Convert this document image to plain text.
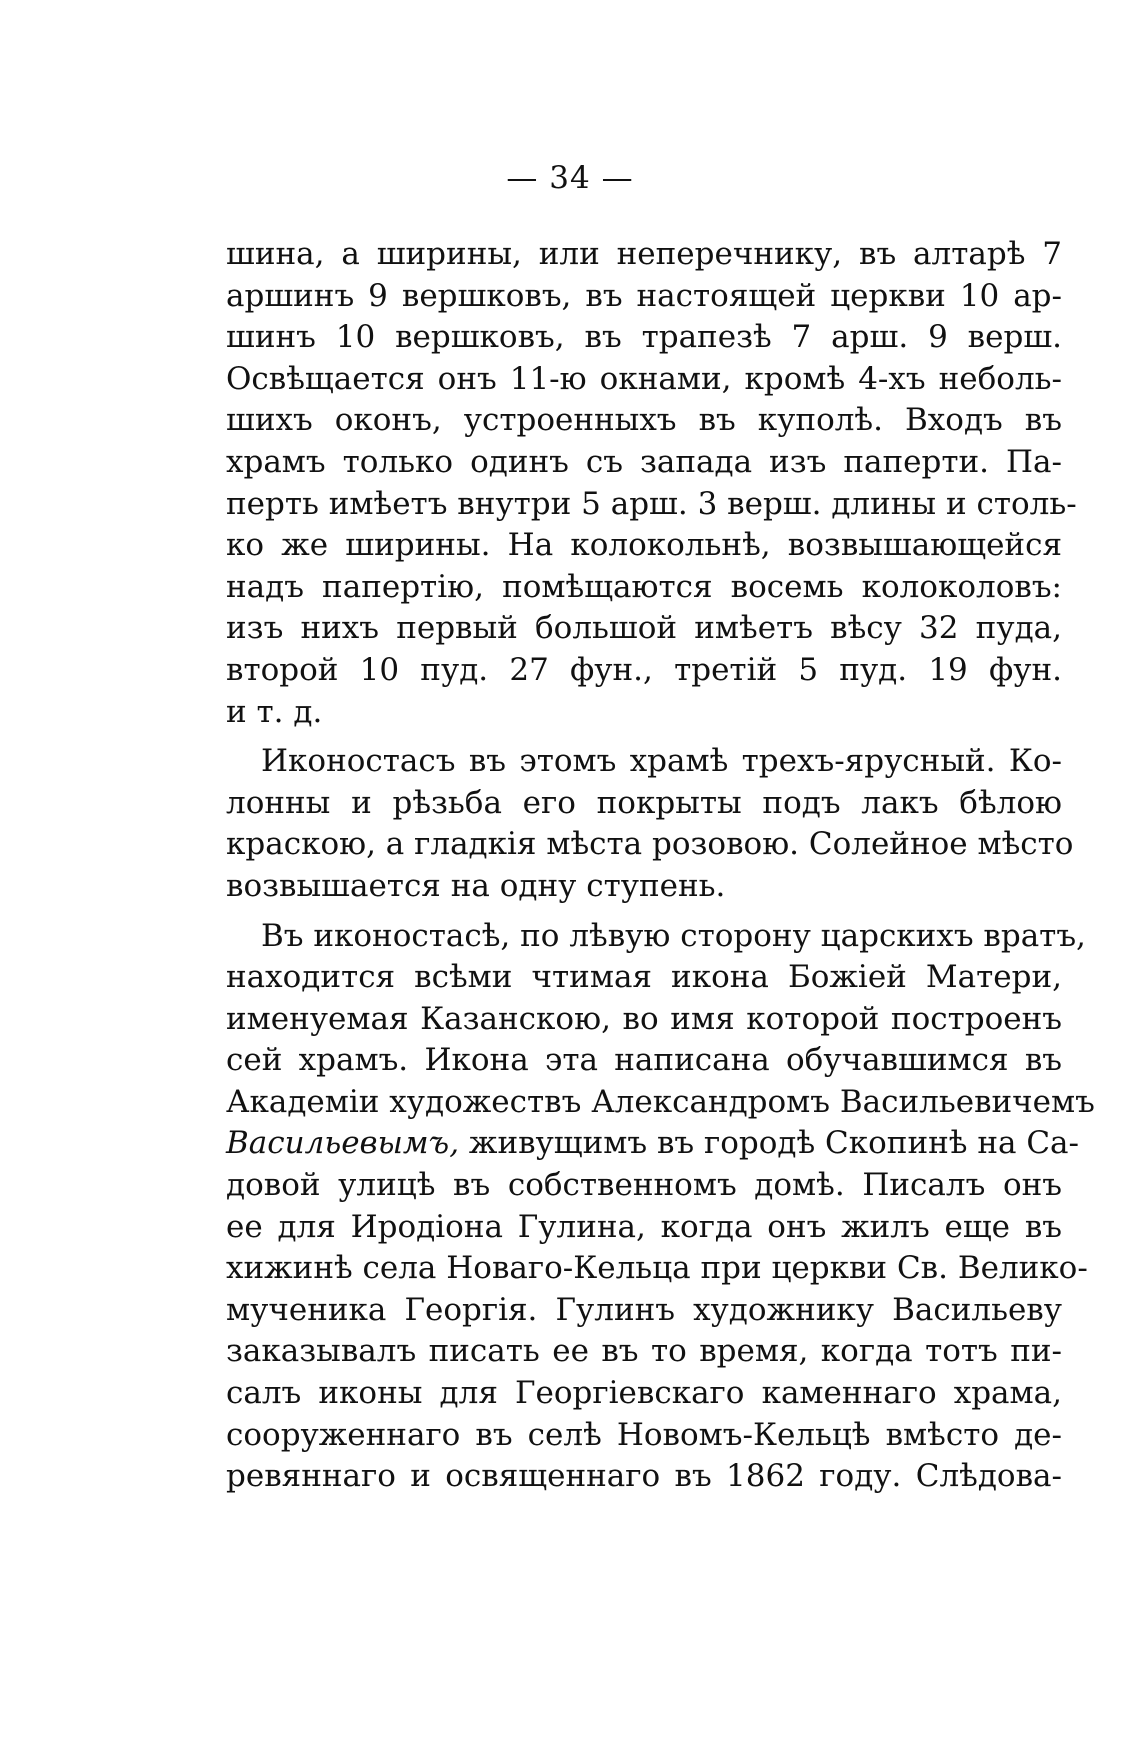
— 34 —
шина, а ширины, или неперечнику, въ алтарѣ 7
аршинъ 9 вершковъ, въ настоящей церкви 10 ар-
шинъ 10 вершковъ, въ трапезѣ 7 арш. 9 верш.
Освѣщается онъ 11-ю окнами, кромѣ 4-хъ неболь-
шихъ оконъ, устроенныхъ въ куполѣ. Входъ въ
храмъ только одинъ съ запада изъ паперти. Па-
перть имѣетъ внутри 5 арш. 3 верш. длины и столь-
ко же ширины. На колокольнѣ, возвышающейся
надъ папертію, помѣщаются восемь колоколовъ:
изъ нихъ первый большой имѣетъ вѣсу 32 пуда,
второй 10 пуд. 27 фун., третій 5 пуд. 19 фун.
и т. д.
Иконостасъ въ этомъ храмѣ трехъ-ярусный. Ко-
лонны и рѣзьба его покрыты подъ лакъ бѣлою
краскою, а гладкія мѣста розовою. Солейное мѣсто
возвышается на одну ступень.
Въ иконостасѣ, по лѣвую сторону царскихъ вратъ,
находится всѣми чтимая икона Божіей Матери,
именуемая Казанскою, во имя которой построенъ
сей храмъ. Икона эта написана обучавшимся въ
Академіи художествъ Александромъ Васильевичемъ
Васильевымъ, живущимъ въ городѣ Скопинѣ на Са-
довой улицѣ въ собственномъ домѣ. Писалъ онъ
ее для Иродіона Гулина, когда онъ жилъ еще въ
хижинѣ села Новаго-Кельца при церкви Св. Велико-
мученика Георгія. Гулинъ художнику Васильеву
заказывалъ писать ее въ то время, когда тотъ пи-
салъ иконы для Георгіевскаго каменнаго храма,
сооруженнаго въ селѣ Новомъ-Кельцѣ вмѣсто де-
ревяннаго и освященнаго въ 1862 году. Слѣдова-
